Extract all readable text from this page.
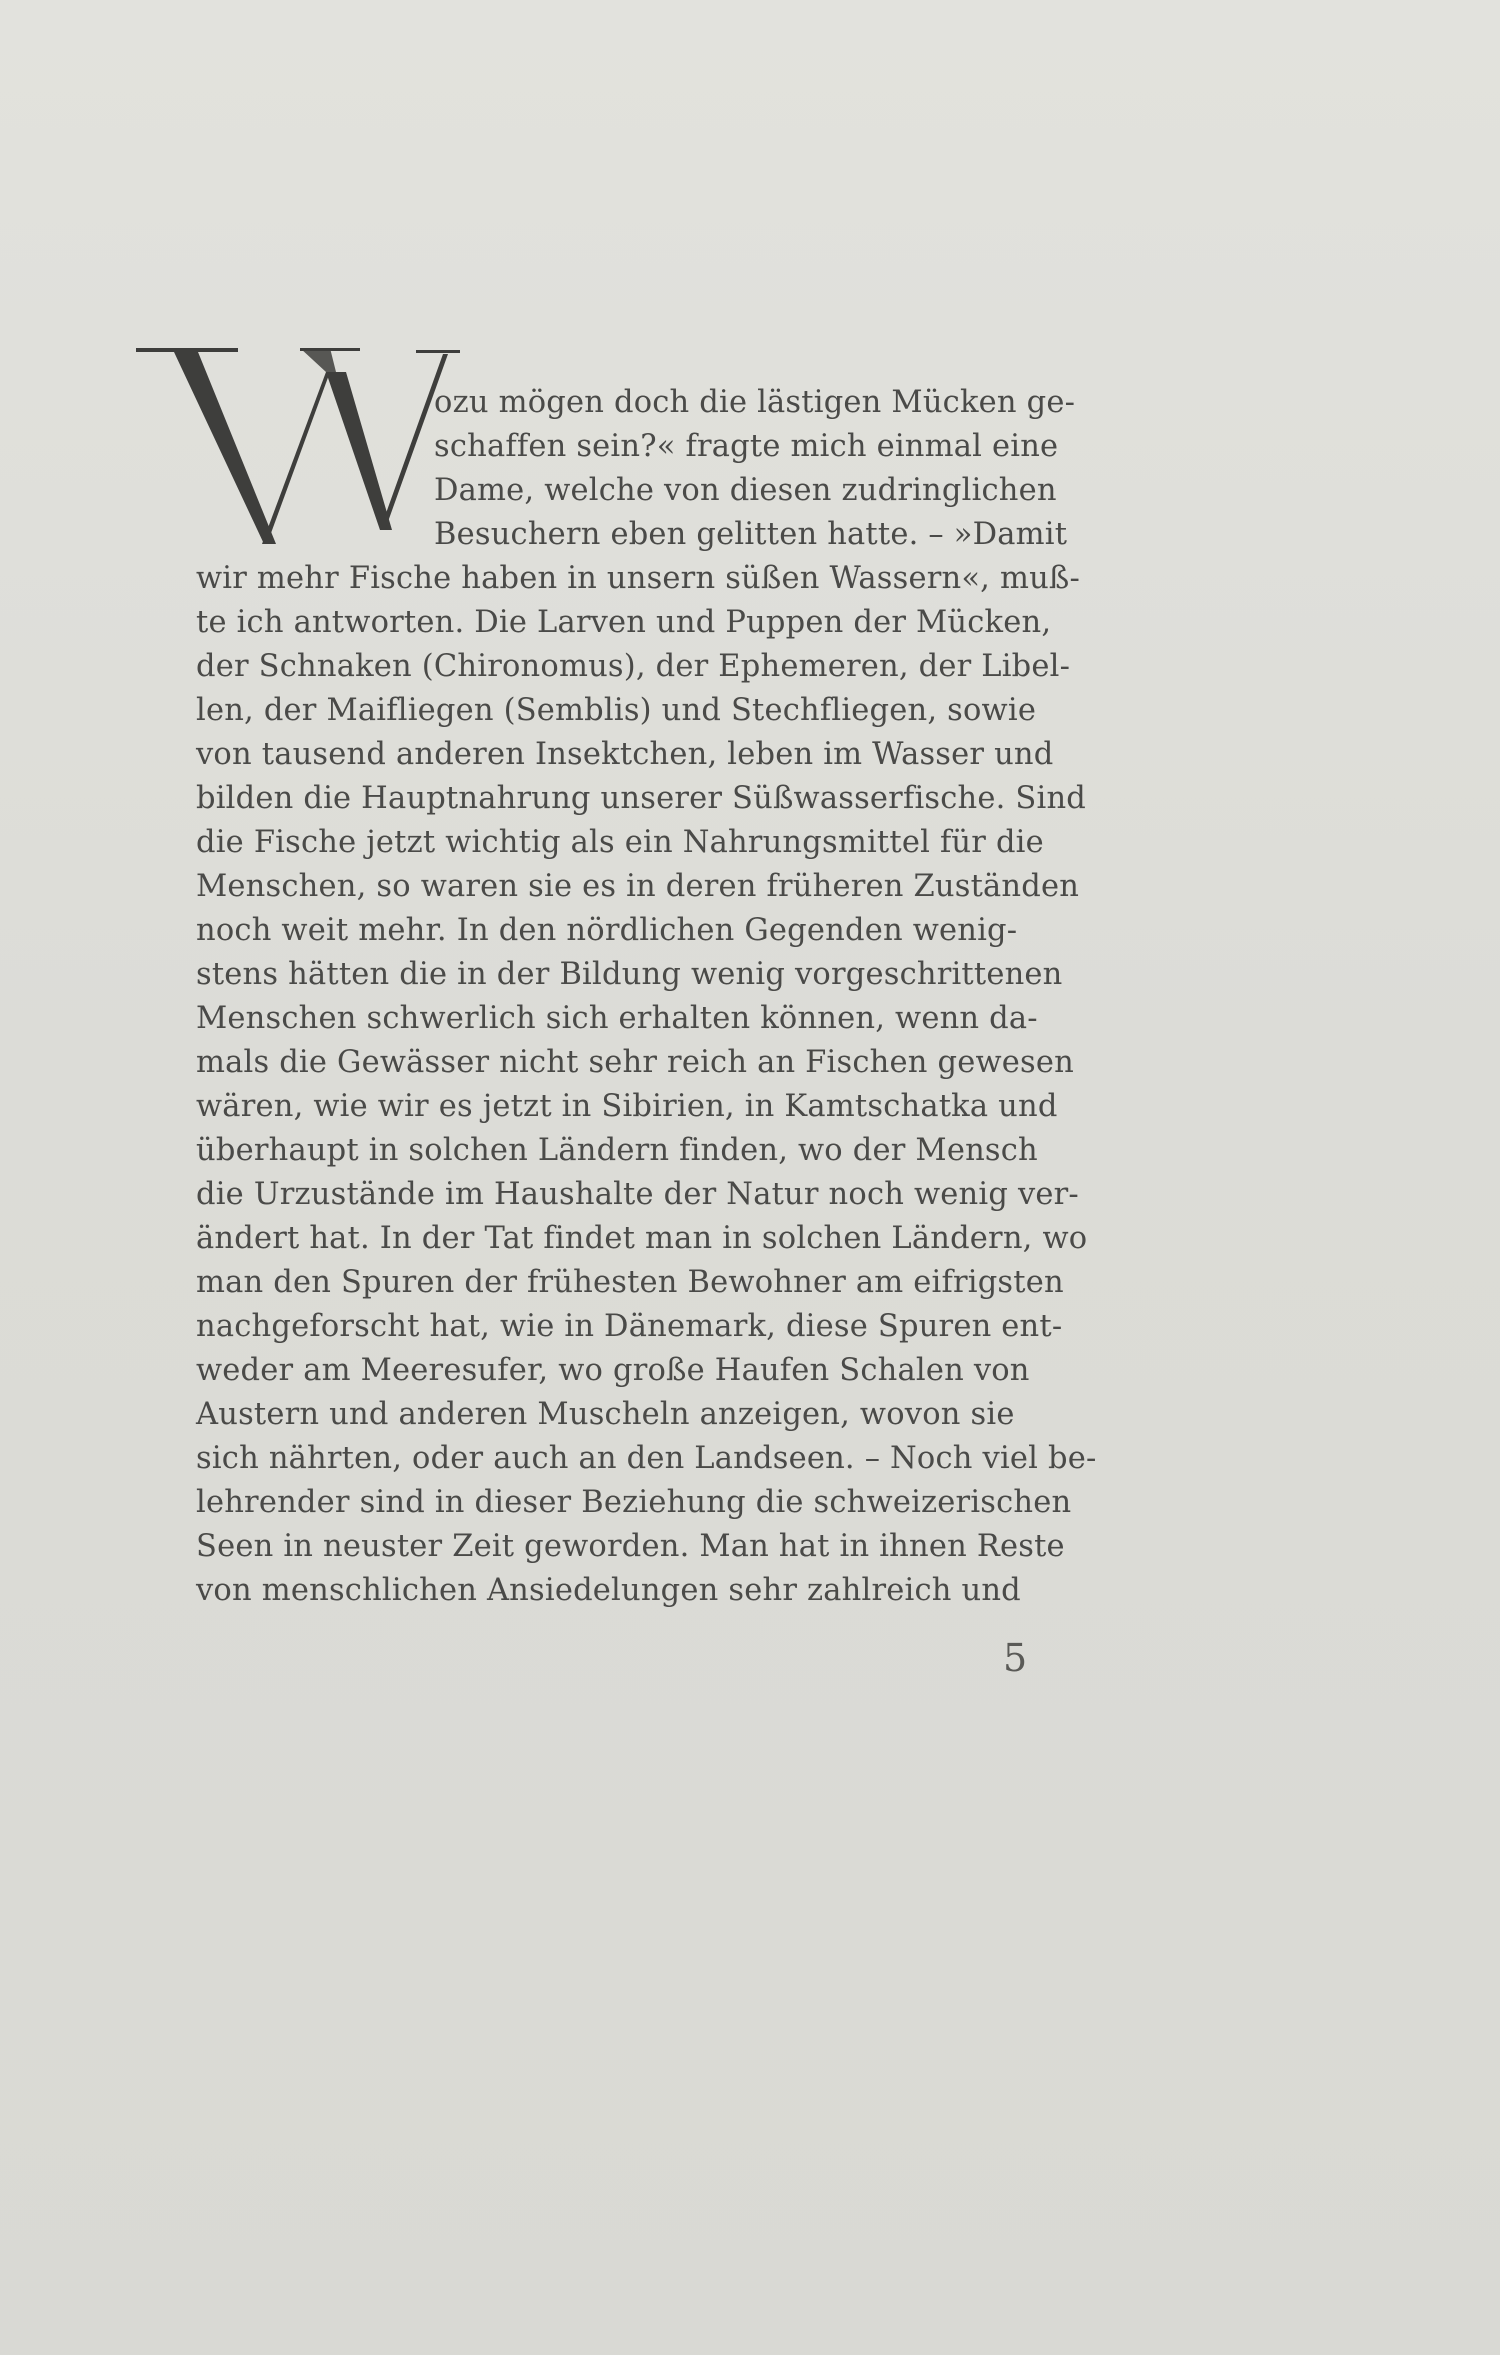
ozu mögen doch die lästigen Mücken ge-
schaffen sein?« fragte mich einmal eine
Dame, welche von diesen zudringlichen
Besuchern eben gelitten hatte. – »Damit
wir mehr Fische haben in unsern süßen Wassern«, muß-
te ich antworten. Die Larven und Puppen der Mücken,
der Schnaken (Chironomus), der Ephemeren, der Libel-
len, der Maifliegen (Semblis) und Stechfliegen, sowie
von tausend anderen Insektchen, leben im Wasser und
bilden die Hauptnahrung unserer Süßwasserfische. Sind
die Fische jetzt wichtig als ein Nahrungsmittel für die
Menschen, so waren sie es in deren früheren Zuständen
noch weit mehr. In den nördlichen Gegenden wenig-
stens hätten die in der Bildung wenig vorgeschrittenen
Menschen schwerlich sich erhalten können, wenn da-
mals die Gewässer nicht sehr reich an Fischen gewesen
wären, wie wir es jetzt in Sibirien, in Kamtschatka und
überhaupt in solchen Ländern finden, wo der Mensch
die Urzustände im Haushalte der Natur noch wenig ver-
ändert hat. In der Tat findet man in solchen Ländern, wo
man den Spuren der frühesten Bewohner am eifrigsten
nachgeforscht hat, wie in Dänemark, diese Spuren ent-
weder am Meeresufer, wo große Haufen Schalen von
Austern und anderen Muscheln anzeigen, wovon sie
sich nährten, oder auch an den Landseen. – Noch viel be-
lehrender sind in dieser Beziehung die schweizerischen
Seen in neuster Zeit geworden. Man hat in ihnen Reste
von menschlichen Ansiedelungen sehr zahlreich und
5
